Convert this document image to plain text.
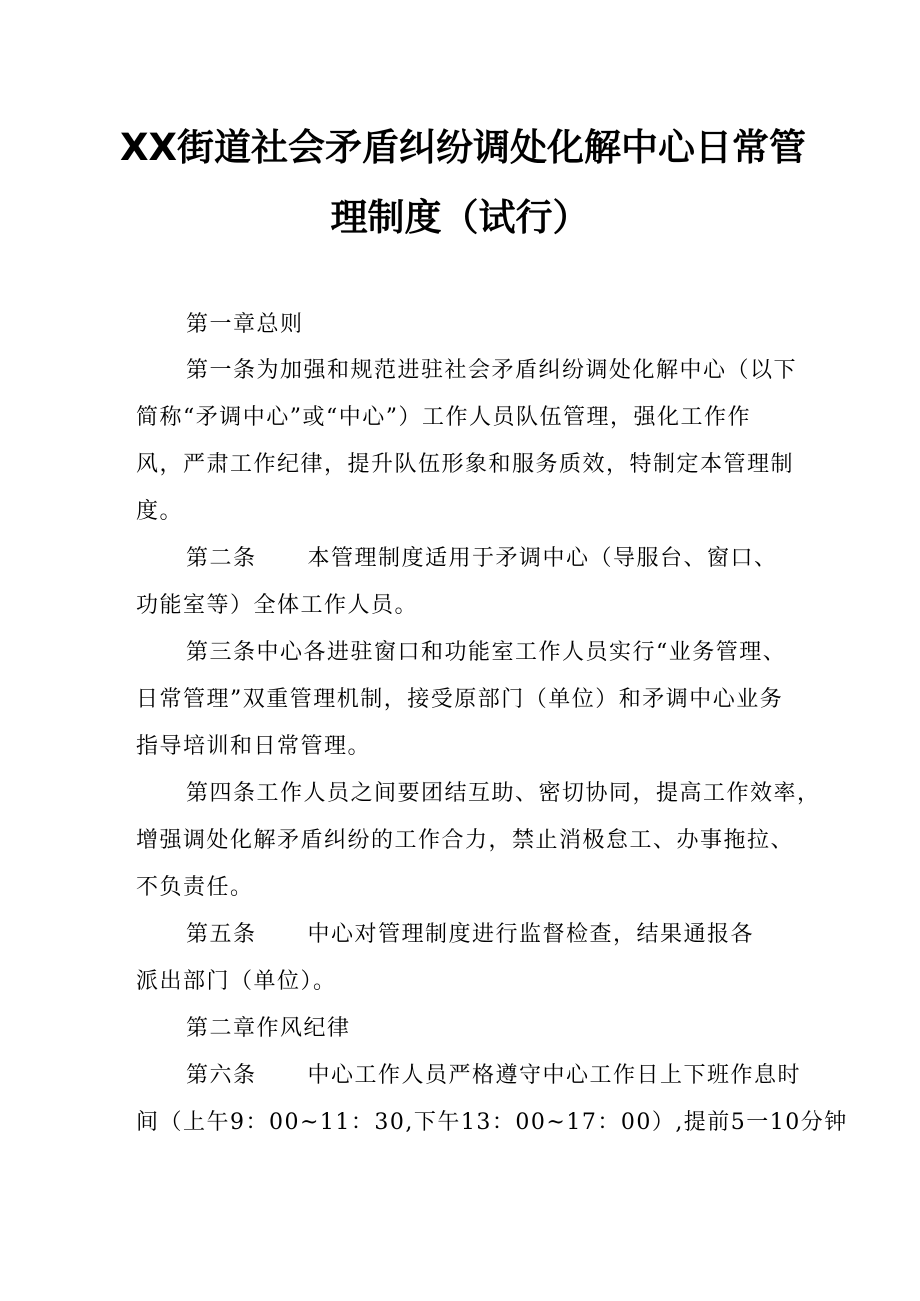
XX街道社会矛盾纠纷调处化解中心日常管
理制度（试行）
第一章总则
第一条为加强和规范进驻社会矛盾纠纷调处化解中心（以下
简称“矛调中心”或“中心”）工作人员队伍管理，强化工作作
风，严肃工作纪律，提升队伍形象和服务质效，特制定本管理制
度。
第二条      本管理制度适用于矛调中心（导服台、窗口、
功能室等）全体工作人员。
第三条中心各进驻窗口和功能室工作人员实行“业务管理、
日常管理”双重管理机制，接受原部门（单位）和矛调中心业务
指导培训和日常管理。
第四条工作人员之间要团结互助、密切协同，提高工作效率，
增强调处化解矛盾纠纷的工作合力，禁止消极怠工、办事拖拉、
不负责任。
第五条      中心对管理制度进行监督检查，结果通报各
派出部门（单位）。
第二章作风纪律
第六条      中心工作人员严格遵守中心工作日上下班作息时
间（上午9：00~11：30,下午13：00~17：00）,提前5一10分钟
